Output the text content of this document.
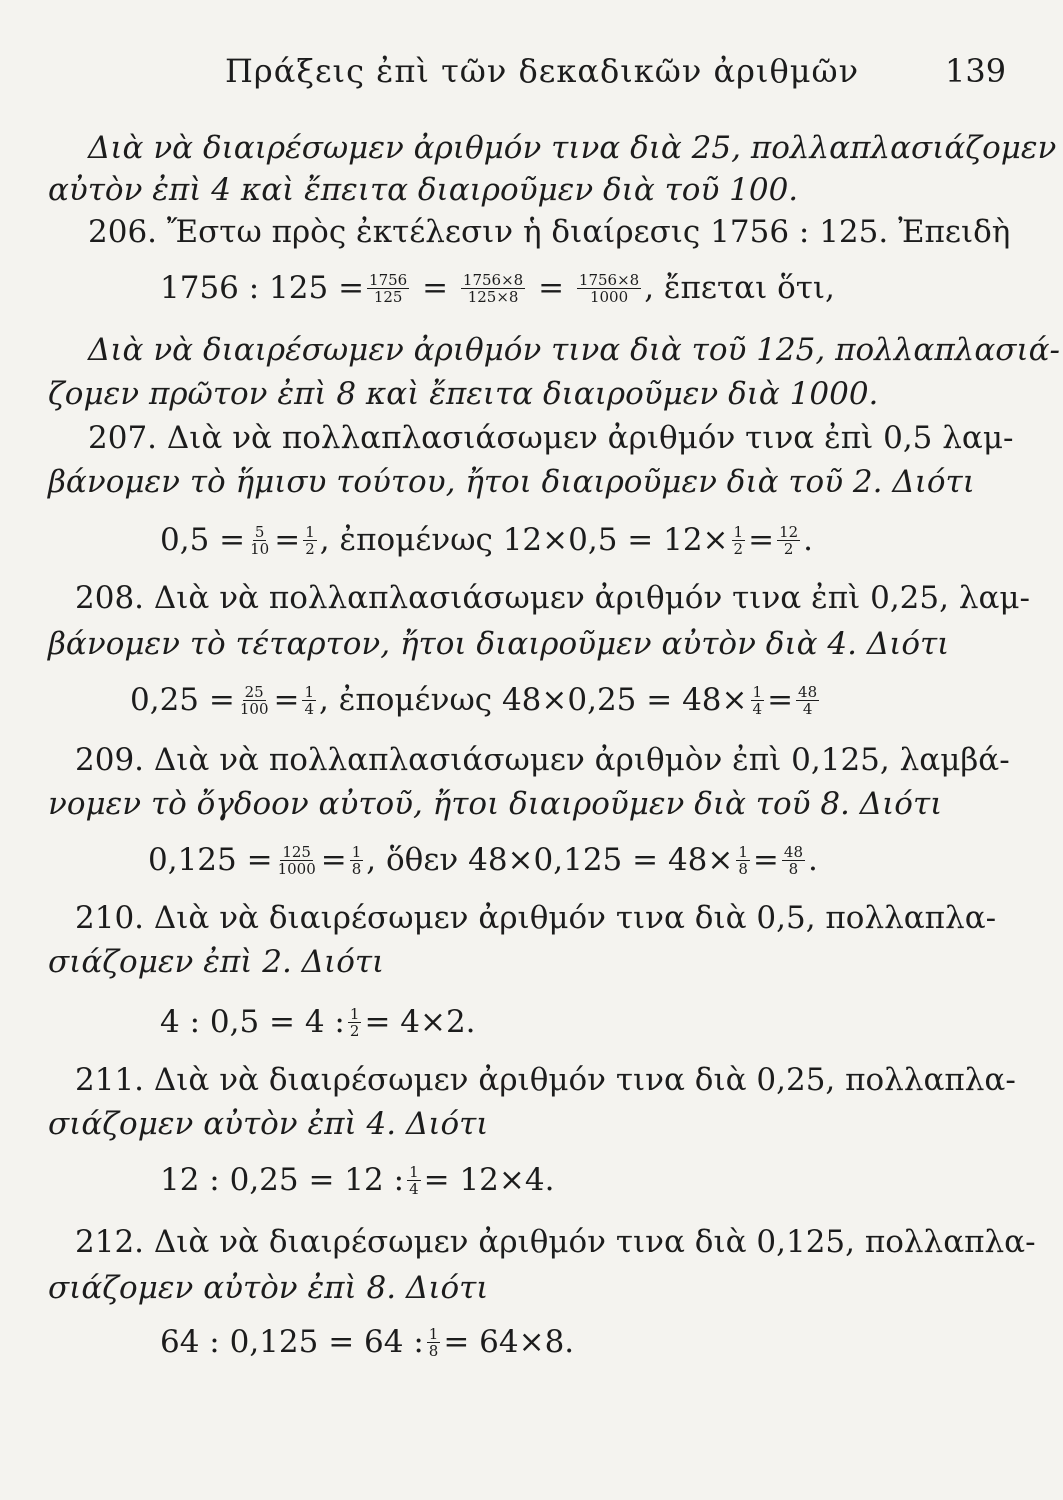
Πράξεις ἐπὶ τῶν δεκαδικῶν ἀριθμῶν	139
Διὰ νὰ διαιρέσωμεν ἀριθμόν τινα διὰ 25, πολλαπλασιάζομεν
αὐτὸν ἐπὶ 4 καὶ ἔπειτα διαιροῦμεν διὰ τοῦ 100.
206. Ἔστω πρὸς ἐκτέλεσιν ἡ διαίρεσις 1756 : 125. Ἐπειδὴ
1756 : $125 = \frac{1756}{125} = \frac{1756\times 8}{125\times 8} = \frac{1756\times 8}{1000}$ , ἔπεται ὅτι,
Διὰ νὰ διαιρέσωμεν ἀριθμόν τινα διὰ τοῦ 125, πολλαπλασιά-
ζομεν πρῶτον ἐπὶ 8 καὶ ἔπειτα διαιροῦμεν διὰ 1000.
207. Διὰ νὰ πολλαπλασιάσωμεν ἀριθμόν τινα ἐπὶ 0,5 λαμ-
βάνομεν τὸ ἥμισυ τούτου, ἤτοι διαιροῦμεν διὰ τοῦ 2. Διότι
$0,5 = \frac{5}{10} = \frac{1}{2}$ , ἐπομένως $12\times 0,5 = 12\times \frac{1}{2} = \frac{12}{2}$ .
208. Διὰ νὰ πολλαπλασιάσωμεν ἀριθμόν τινα ἐπὶ 0,25, λαμ-
βάνομεν τὸ τέταρτον, ἤτοι διαιροῦμεν αὐτὸν διὰ 4. Διότι
$0,25 = \frac{25}{100} = \frac{1}{4}$ , ἐπομένως $48\times 0,25 = 48\times \frac{1}{4} = \frac{48}{4}$
209. Διὰ νὰ πολλαπλασιάσωμεν ἀριθμὸν ἐπὶ 0,125, λαμβά-
νομεν τὸ ὄγδοον αὐτοῦ, ἤτοι διαιροῦμεν διὰ τοῦ 8. Διότι
$0,125 = \frac{125}{1000} = \frac{1}{8}$ , ὅθεν $48\times 0,125 = 48\times \frac{1}{8} = \frac{48}{8}$ .
210. Διὰ νὰ διαιρέσωμεν ἀριθμόν τινα διὰ 0,5, πολλαπλα-
σιάζομεν ἐπὶ 2. Διότι
4 : 0,5 = 4 : $\frac{1}{2} = 4\times 2$.
211. Διὰ νὰ διαιρέσωμεν ἀριθμόν τινα διὰ 0,25, πολλαπλα-
σιάζομεν αὐτὸν ἐπὶ 4. Διότι
12 : 0,25 = 12 : $\frac{1}{4} = 12\times 4$.
212. Διὰ νὰ διαιρέσωμεν ἀριθμόν τινα διὰ 0,125, πολλαπλα-
σιάζομεν αὐτὸν ἐπὶ 8. Διότι
64 : 0,125 = 64 : $\frac{1}{8} = 64\times 8$.
